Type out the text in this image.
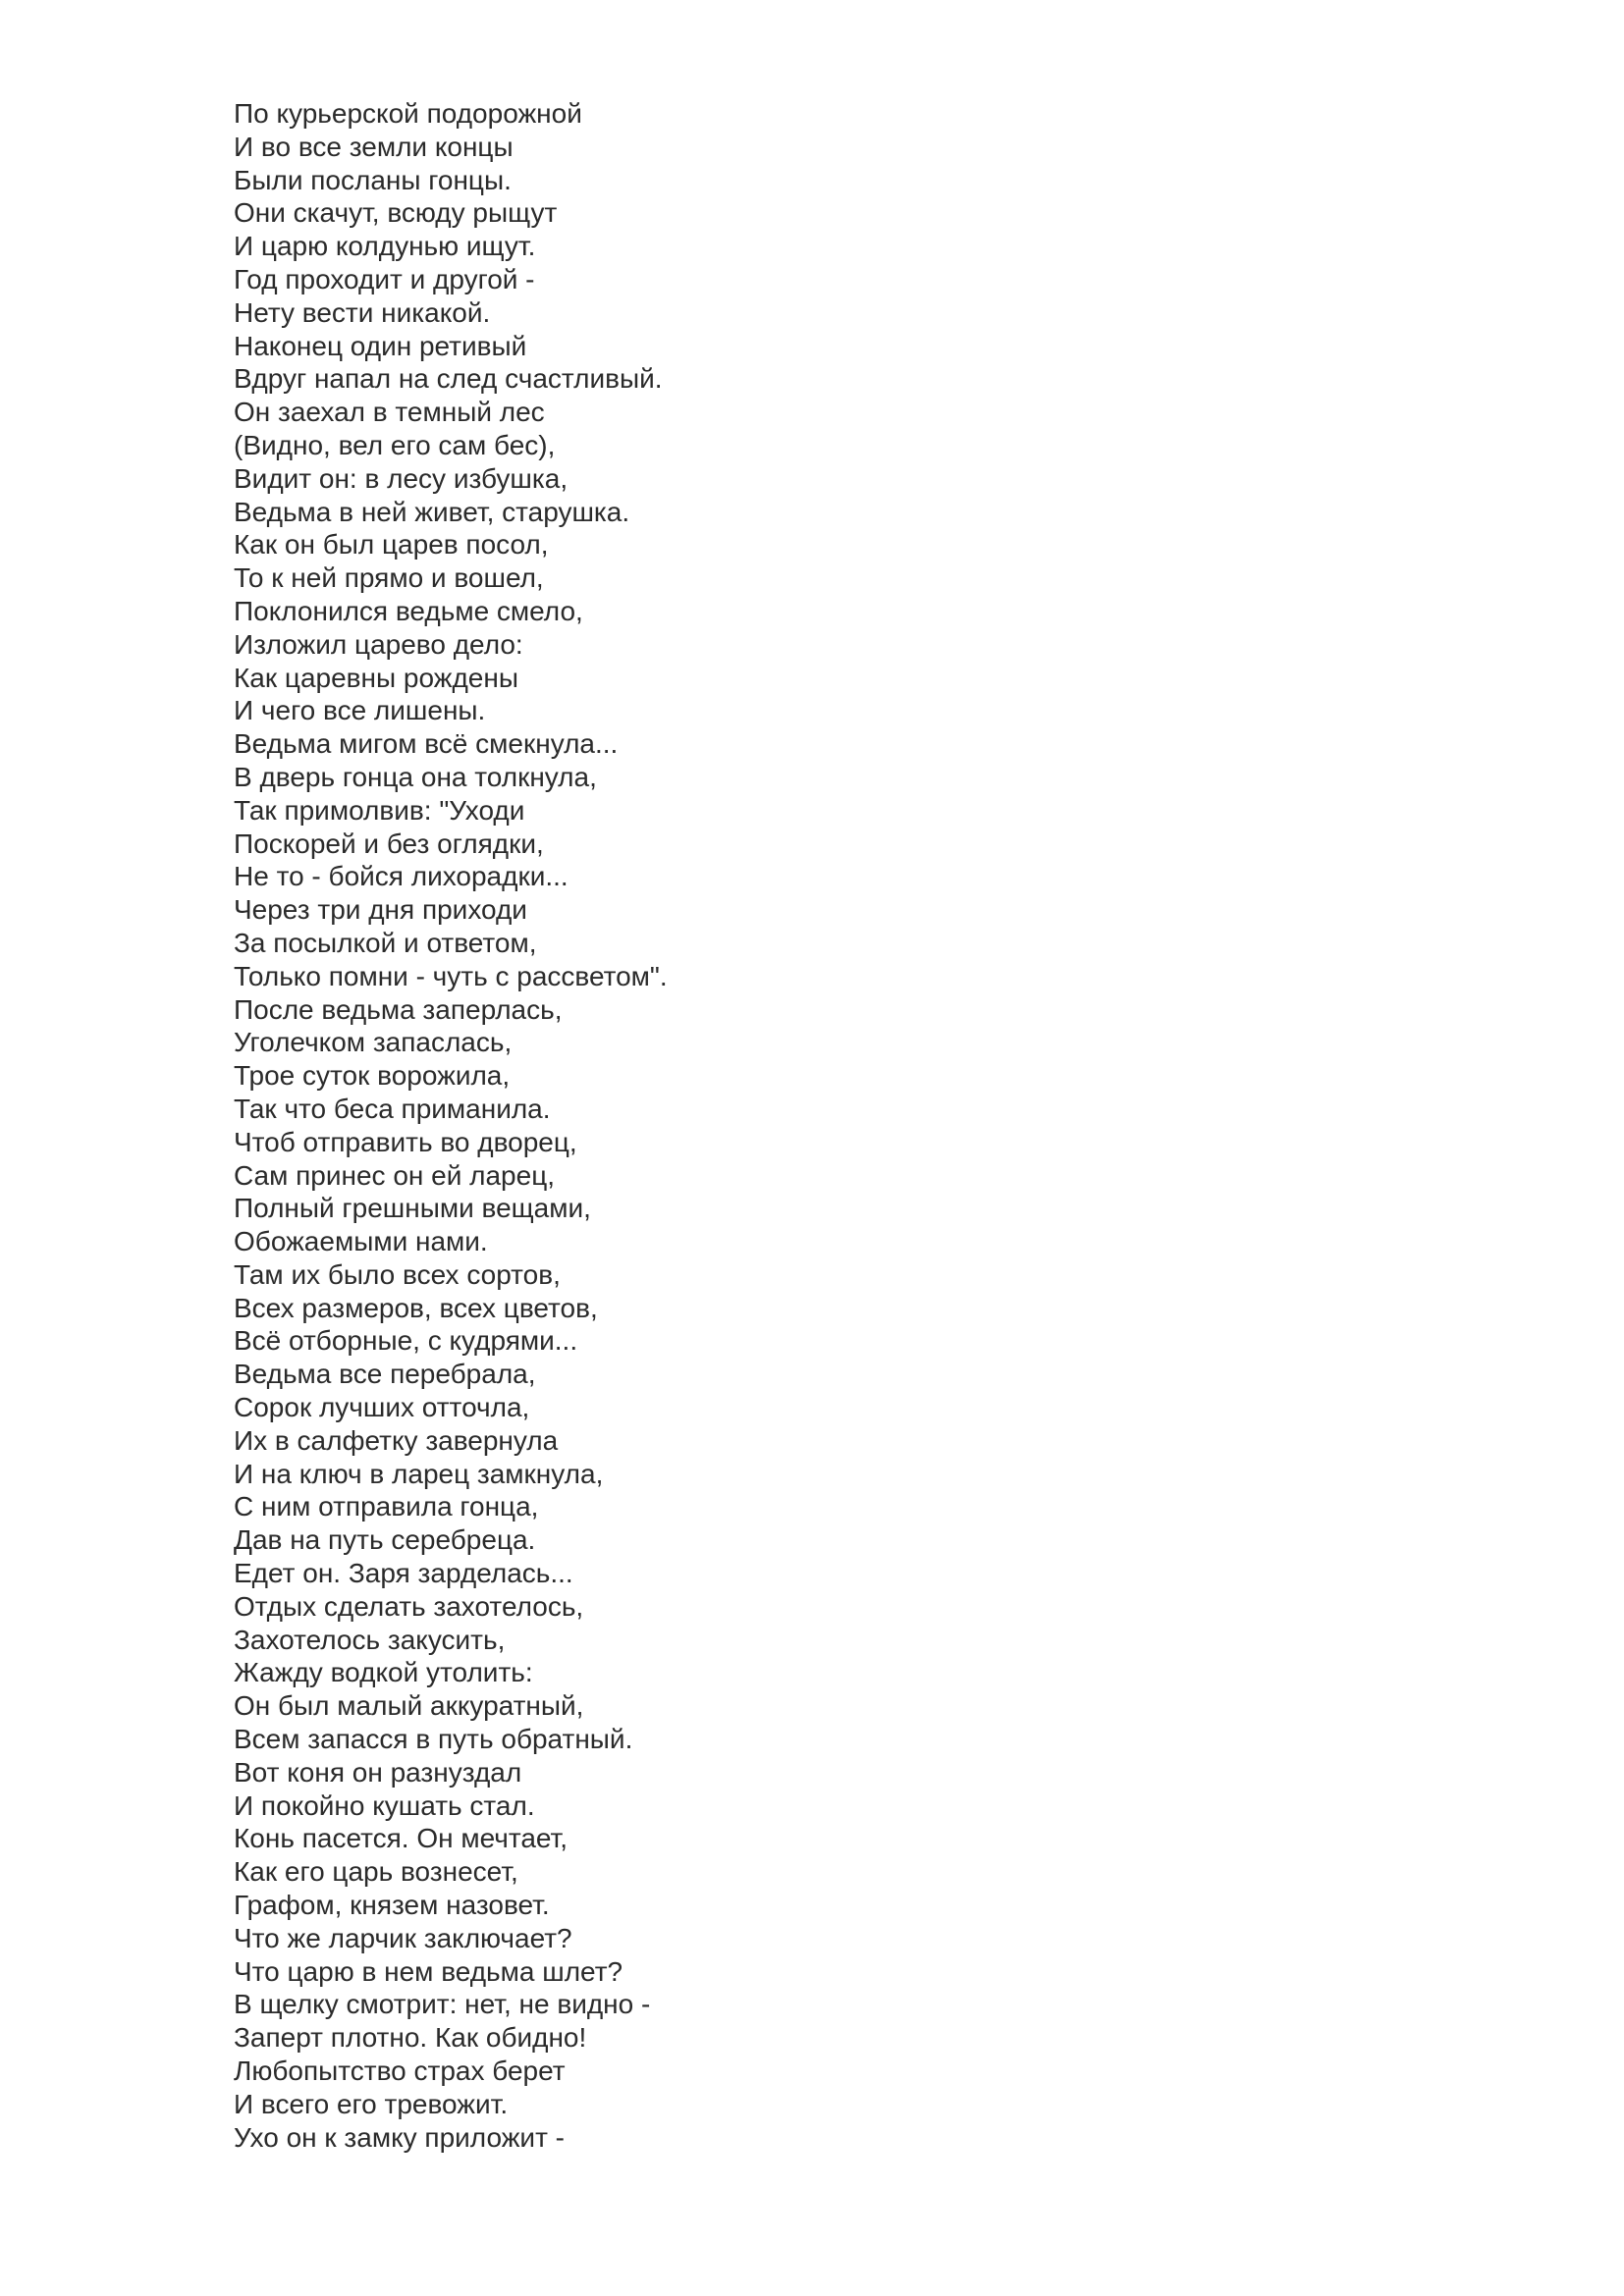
По курьерской подорожной
И во все земли концы
Были посланы гонцы.
Они скачут, всюду рыщут
И царю колдунью ищут.
Год проходит и другой -
Нету вести никакой.
Наконец один ретивый
Вдруг напал на след счастливый.
Он заехал в темный лес
(Видно, вел его сам бес),
Видит он: в лесу избушка,
Ведьма в ней живет, старушка.
Как он был царев посол,
То к ней прямо и вошел,
Поклонился ведьме смело,
Изложил царево дело:
Как царевны рождены
И чего все лишены.
Ведьма мигом всё смекнула...
В дверь гонца она толкнула,
Так примолвив: "Уходи
Поскорей и без оглядки,
Не то - бойся лихорадки...
Через три дня приходи
За посылкой и ответом,
Только помни - чуть с рассветом".
После ведьма заперлась,
Уголечком запаслась,
Трое суток ворожила,
Так что беса приманила.
Чтоб отправить во дворец,
Сам принес он ей ларец,
Полный грешными вещами,
Обожаемыми нами.
Там их было всех сортов,
Всех размеров, всех цветов,
Всё отборные, с кудрями...
Ведьма все перебрала,
Сорок лучших отточла,
Их в салфетку завернула
И на ключ в ларец замкнула,
С ним отправила гонца,
Дав на путь серебреца.
Едет он. Заря зарделась...
Отдых сделать захотелось,
Захотелось закусить,
Жажду водкой утолить:
Он был малый аккуратный,
Всем запасся в путь обратный.
Вот коня он разнуздал
И покойно кушать стал.
Конь пасется. Он мечтает,
Как его царь вознесет,
Графом, князем назовет.
Что же ларчик заключает?
Что царю в нем ведьма шлет?
В щелку смотрит: нет, не видно -
Заперт плотно. Как обидно!
Любопытство страх берет
И всего его тревожит.
Ухо он к замку приложит -
